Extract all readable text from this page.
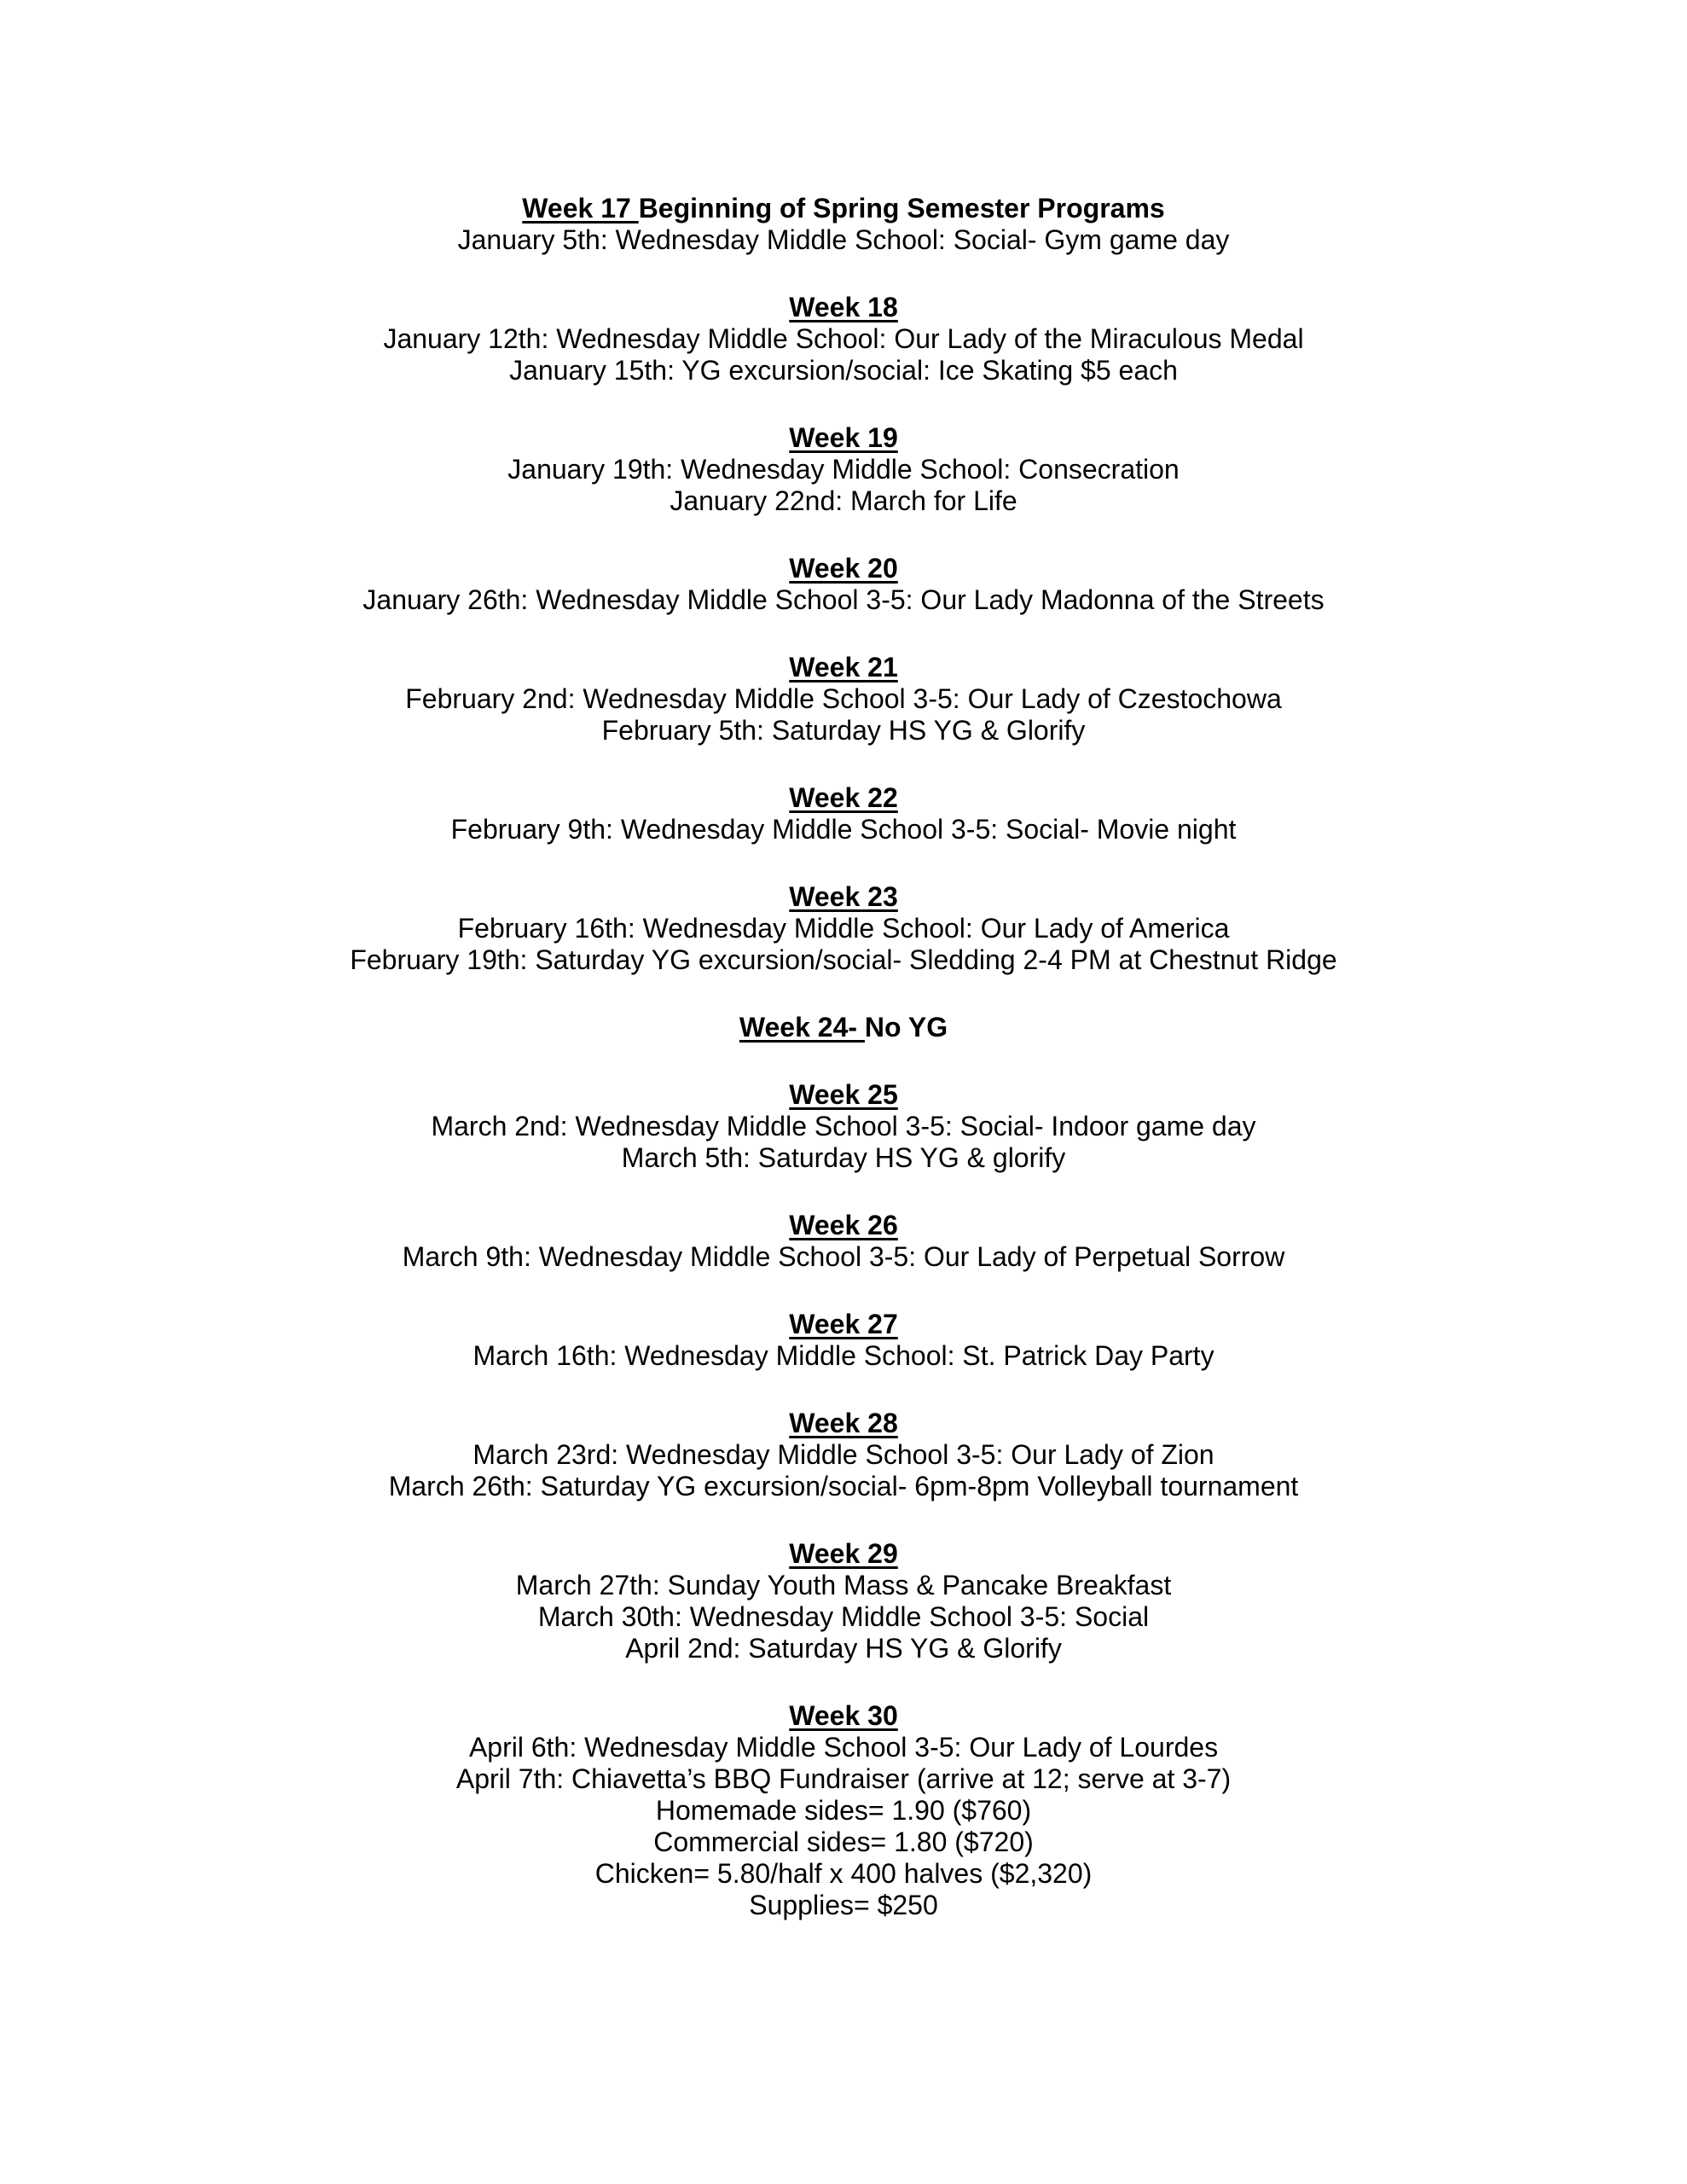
Week 17 Beginning of Spring Semester Programs
January 5th: Wednesday Middle School: Social- Gym game day
Week 18
January 12th: Wednesday Middle School: Our Lady of the Miraculous Medal
January 15th: YG excursion/social: Ice Skating $5 each
Week 19
January 19th: Wednesday Middle School: Consecration
January 22nd: March for Life
Week 20
January 26th: Wednesday Middle School 3-5: Our Lady Madonna of the Streets
Week 21
February 2nd: Wednesday Middle School 3-5: Our Lady of Czestochowa
February 5th: Saturday HS YG & Glorify
Week 22
February 9th: Wednesday Middle School 3-5: Social- Movie night
Week 23
February 16th: Wednesday Middle School: Our Lady of America
February 19th: Saturday YG excursion/social- Sledding 2-4 PM at Chestnut Ridge
Week 24- No YG
Week 25
March 2nd: Wednesday Middle School 3-5: Social- Indoor game day
March 5th: Saturday HS YG & glorify
Week 26
March 9th: Wednesday Middle School 3-5: Our Lady of Perpetual Sorrow
Week 27
March 16th: Wednesday Middle School: St. Patrick Day Party
Week 28
March 23rd: Wednesday Middle School 3-5: Our Lady of Zion
March 26th: Saturday YG excursion/social- 6pm-8pm Volleyball tournament
Week 29
March 27th: Sunday Youth Mass & Pancake Breakfast
March 30th: Wednesday Middle School 3-5: Social
April 2nd: Saturday HS YG & Glorify
Week 30
April 6th: Wednesday Middle School 3-5: Our Lady of Lourdes
April 7th: Chiavetta’s BBQ Fundraiser (arrive at 12; serve at 3-7)
Homemade sides= 1.90 ($760)
Commercial sides= 1.80 ($720)
Chicken= 5.80/half x 400 halves ($2,320)
Supplies= $250
